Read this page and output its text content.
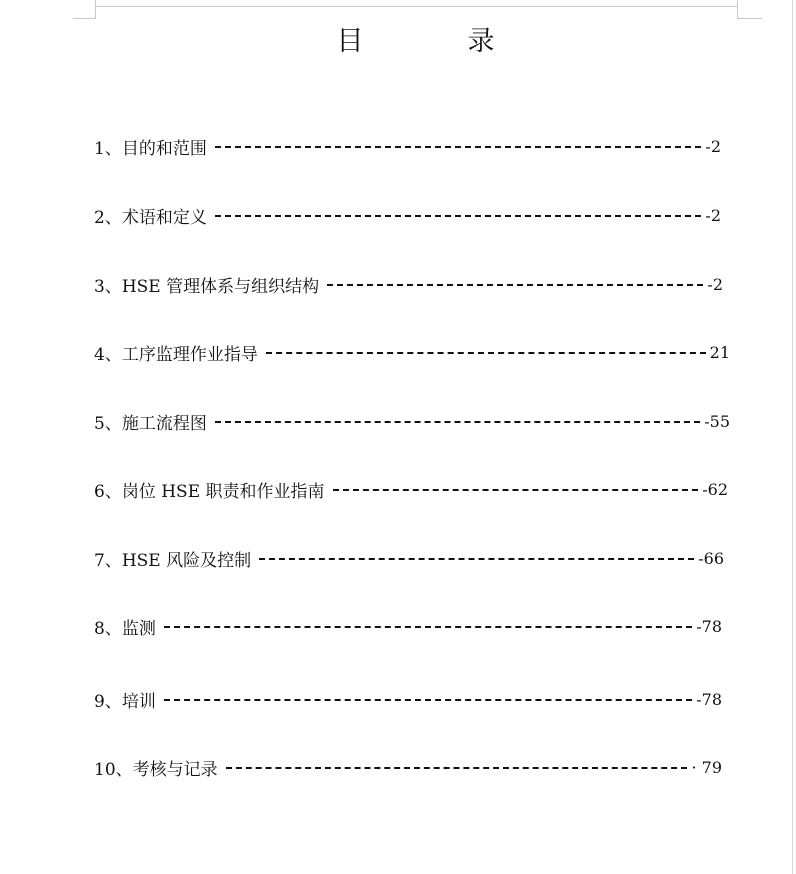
目	录
1、目的和范围	-2
2、术语和定义	-2
3、HSE 管理体系与组织结构	-2
4、工序监理作业指导	21
5、施工流程图	-55
6、岗位 HSE 职责和作业指南	-62
7、HSE 风险及控制	-66
8、监测	-78
9、培训	-78
10、考核与记录	· 79
